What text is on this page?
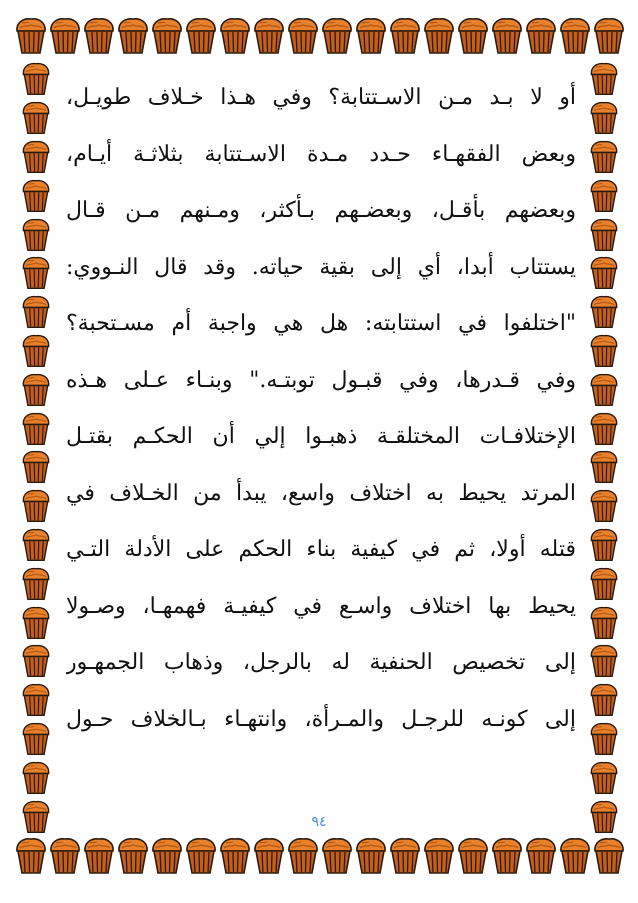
أو لا بـد مـن الاسـتتابة؟ وفي هـذا خـلاف طويـل،
وبعض الفقهـاء حـدد مـدة الاسـتتابة بثلاثـة أيـام،
وبعضهم بأقـل، وبعضـهم بـأكثر، ومـنهم مـن قـال
يستتاب أبدا، أي إلى بقية حياته. وقد قال النـووي:
"اختلفوا في استتابته: هل هي واجبة أم مسـتحبة؟
وفي قـدرها، وفي قبـول توبتـه." وبنـاء عـلى هـذه
الإختلافـات المختلقـة ذهبـوا إلي أن الحكـم بقتـل
المرتد يحيط به اختلاف واسع، يبدأ من الخـلاف في
قتله أولا، ثم في كيفية بناء الحكم على الأدلة التـي
يحيط بها اختلاف واسـع في كيفيـة فهمهـا، وصـولا
إلى تخصيص الحنفية له بالرجل، وذهاب الجمهـور
إلى كونـه للرجـل والمـرأة، وانتهـاء بـالخلاف حـول
٩٤
